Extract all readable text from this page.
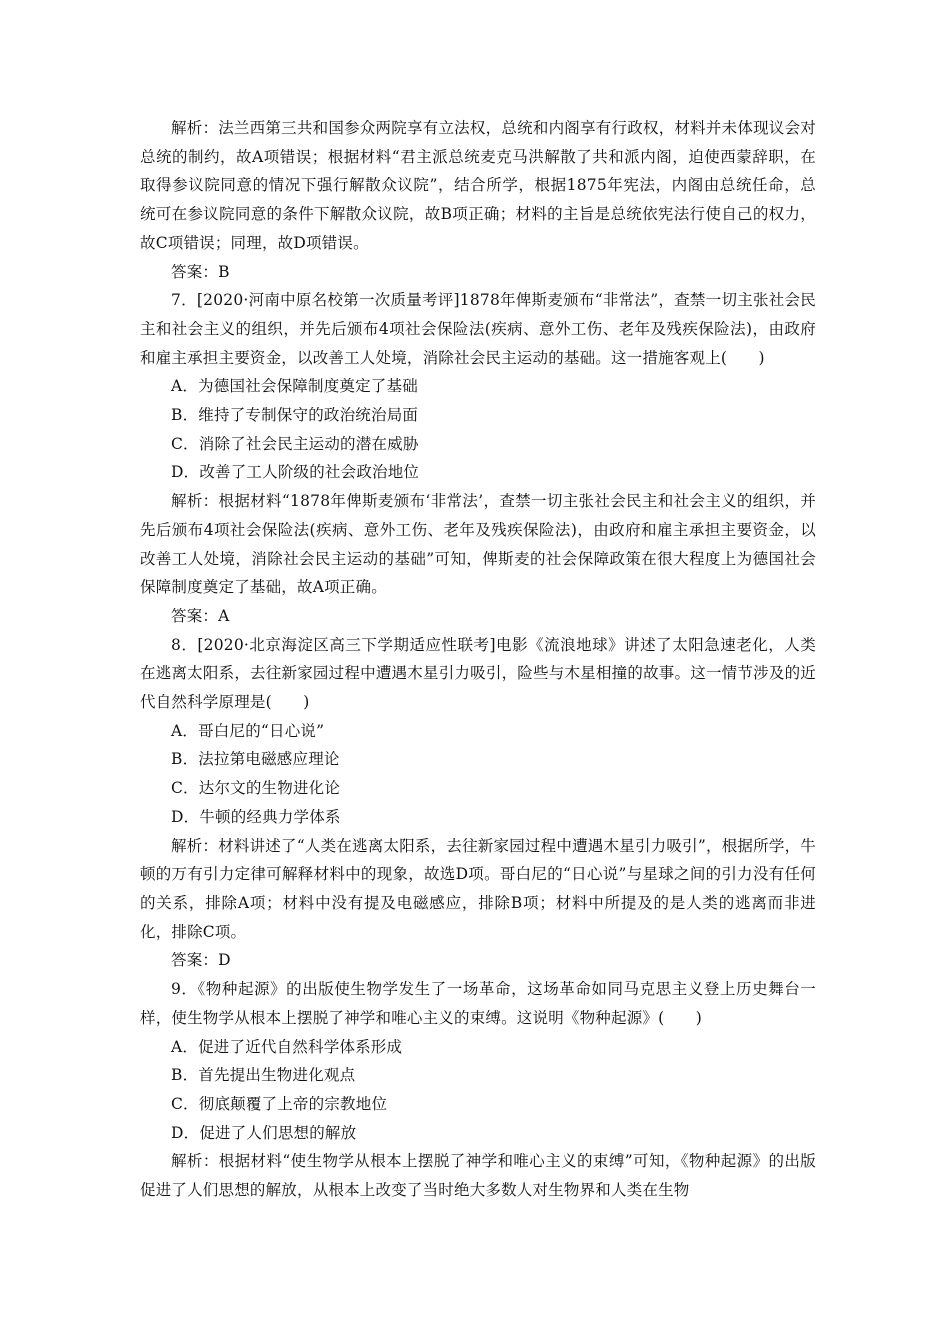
解析：法兰西第三共和国参众两院享有立法权，总统和内阁享有行政权，材料并未体现议会对总统的制约，故A项错误；根据材料“君主派总统麦克马洪解散了共和派内阁，迫使西蒙辞职，在取得参议院同意的情况下强行解散众议院”，结合所学，根据1875年宪法，内阁由总统任命，总统可在参议院同意的条件下解散众议院，故B项正确；材料的主旨是总统依宪法行使自己的权力，故C项错误；同理，故D项错误。

答案：B

7．[2020·河南中原名校第一次质量考评]1878年俾斯麦颁布“非常法”，查禁一切主张社会民主和社会主义的组织，并先后颁布4项社会保险法(疾病、意外工伤、老年及残疾保险法)，由政府和雇主承担主要资金，以改善工人处境，消除社会民主运动的基础。这一措施客观上(　　)

A．为德国社会保障制度奠定了基础

B．维持了专制保守的政治统治局面

C．消除了社会民主运动的潜在威胁

D．改善了工人阶级的社会政治地位

解析：根据材料“1878年俾斯麦颁布‘非常法’，查禁一切主张社会民主和社会主义的组织，并先后颁布4项社会保险法(疾病、意外工伤、老年及残疾保险法)，由政府和雇主承担主要资金，以改善工人处境，消除社会民主运动的基础”可知，俾斯麦的社会保障政策在很大程度上为德国社会保障制度奠定了基础，故A项正确。

答案：A

8．[2020·北京海淀区高三下学期适应性联考]电影《流浪地球》讲述了太阳急速老化，人类在逃离太阳系，去往新家园过程中遭遇木星引力吸引，险些与木星相撞的故事。这一情节涉及的近代自然科学原理是(　　)

A．哥白尼的“日心说”

B．法拉第电磁感应理论

C．达尔文的生物进化论

D．牛顿的经典力学体系

解析：材料讲述了“人类在逃离太阳系，去往新家园过程中遭遇木星引力吸引”，根据所学，牛顿的万有引力定律可解释材料中的现象，故选D项。哥白尼的“日心说”与星球之间的引力没有任何的关系，排除A项；材料中没有提及电磁感应，排除B项；材料中所提及的是人类的逃离而非进化，排除C项。

答案：D

9．《物种起源》的出版使生物学发生了一场革命，这场革命如同马克思主义登上历史舞台一样，使生物学从根本上摆脱了神学和唯心主义的束缚。这说明《物种起源》(　　)

A．促进了近代自然科学体系形成

B．首先提出生物进化观点

C．彻底颠覆了上帝的宗教地位

D．促进了人们思想的解放

解析：根据材料“使生物学从根本上摆脱了神学和唯心主义的束缚”可知，《物种起源》的出版促进了人们思想的解放，从根本上改变了当时绝大多数人对生物界和人类在生物
